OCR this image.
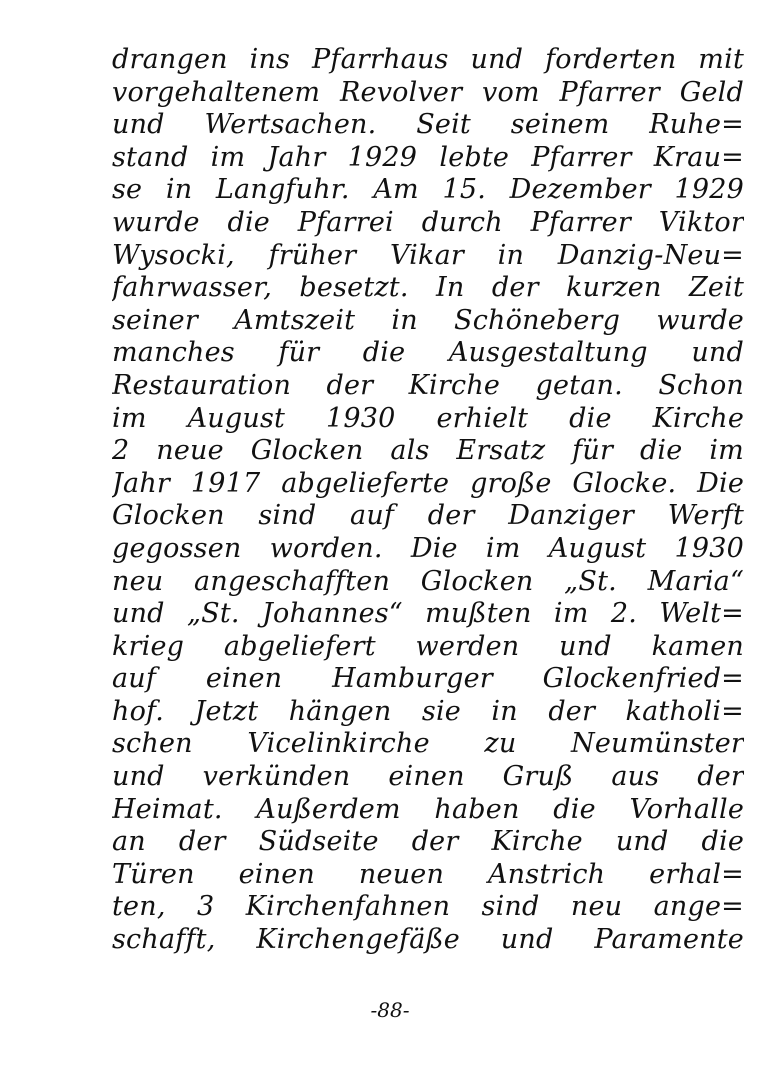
drangen ins Pfarrhaus und forderten mit
vorgehaltenem Revolver vom Pfarrer Geld
und Wertsachen. Seit seinem Ruhe=
stand im Jahr 1929 lebte Pfarrer Krau=
se in Langfuhr. Am 15. Dezember 1929
wurde die Pfarrei durch Pfarrer Viktor
Wysocki, früher Vikar in Danzig-Neu=
fahrwasser, besetzt. In der kurzen Zeit
seiner Amtszeit in Schöneberg wurde
manches für die Ausgestaltung und
Restauration der Kirche getan. Schon
im August 1930 erhielt die Kirche
2 neue Glocken als Ersatz für die im
Jahr 1917 abgelieferte große Glocke. Die
Glocken sind auf der Danziger Werft
gegossen worden. Die im August 1930
neu angeschafften Glocken „St. Maria“
und „St. Johannes“ mußten im 2. Welt=
krieg abgeliefert werden und kamen
auf einen Hamburger Glockenfried=
hof. Jetzt hängen sie in der katholi=
schen Vicelinkirche zu Neumünster
und verkünden einen Gruß aus der
Heimat. Außerdem haben die Vorhalle
an der Südseite der Kirche und die
Türen einen neuen Anstrich erhal=
ten, 3 Kirchenfahnen sind neu ange=
schafft, Kirchengefäße und Paramente
-88-
